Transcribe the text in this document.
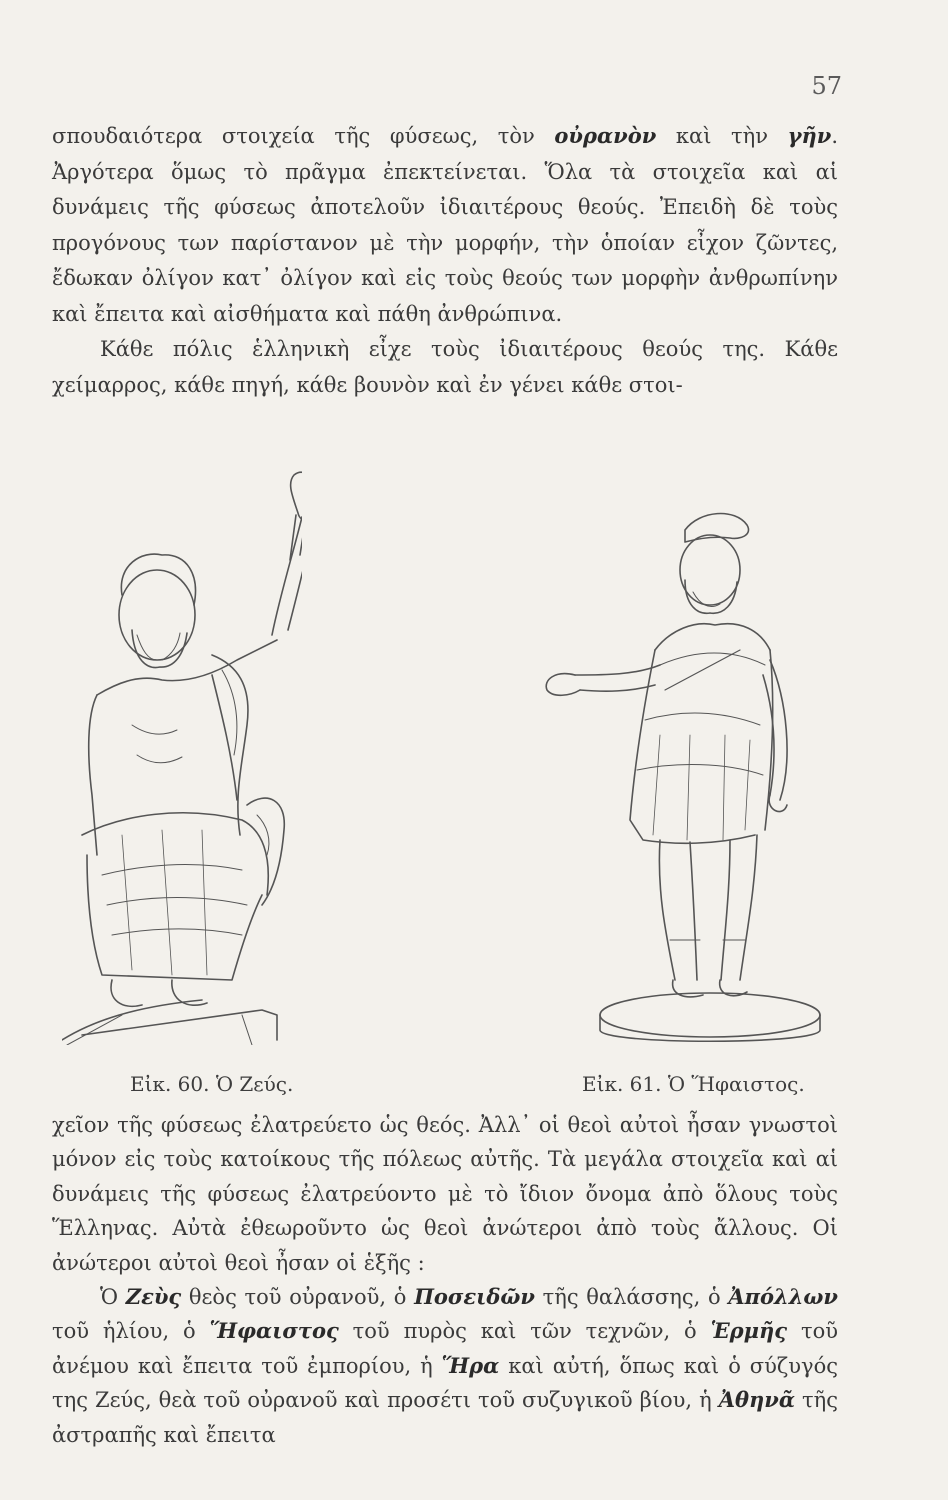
57

σπουδαιότερα στοιχεία τῆς φύσεως, τὸν οὐρανὸν καὶ τὴν γῆν. Ἀργότερα ὅμως τὸ πρᾶγμα ἐπεκτείνεται. Ὅλα τὰ στοιχεῖα καὶ αἱ δυνάμεις τῆς φύσεως ἀποτελοῦν ἰδιαιτέρους θεούς. Ἐπειδὴ δὲ τοὺς προγόνους των παρίστανον μὲ τὴν μορφήν, τὴν ὁποίαν εἶχον ζῶντες, ἔδωκαν ὀλίγον κατ᾽ ὀλίγον καὶ εἰς τοὺς θεούς των μορφὴν ἀνθρωπίνην καὶ ἔπειτα καὶ αἰσθήματα καὶ πάθη ἀνθρώπινα.

Κάθε πόλις ἑλληνικὴ εἶχε τοὺς ἰδιαιτέρους θεούς της. Κάθε χείμαρρος, κάθε πηγή, κάθε βουνὸν καὶ ἐν γένει κάθε στοι-

Εἰκ. 60. Ὁ Ζεύς.	Εἰκ. 61. Ὁ Ἥφαιστος.

χεῖον τῆς φύσεως ἐλατρεύετο ὡς θεός. Ἀλλ᾽ οἱ θεοὶ αὐτοὶ ἦσαν γνωστοὶ μόνον εἰς τοὺς κατοίκους τῆς πόλεως αὐτῆς. Τὰ μεγάλα στοιχεῖα καὶ αἱ δυνάμεις τῆς φύσεως ἐλατρεύοντο μὲ τὸ ἴδιον ὄνομα ἀπὸ ὅλους τοὺς Ἕλληνας. Αὐτὰ ἐθεωροῦντο ὡς θεοὶ ἀνώτεροι ἀπὸ τοὺς ἄλλους. Οἱ ἀνώτεροι αὐτοὶ θεοὶ ἦσαν οἱ ἑξῆς :

Ὁ Ζεὺς θεὸς τοῦ οὐρανοῦ, ὁ Ποσειδῶν τῆς θαλάσσης, ὁ Ἀπόλλων τοῦ ἡλίου, ὁ Ἥφαιστος τοῦ πυρὸς καὶ τῶν τεχνῶν, ὁ Ἑρμῆς τοῦ ἀνέμου καὶ ἔπειτα τοῦ ἐμπορίου, ἡ Ἥρα καὶ αὐτή, ὅπως καὶ ὁ σύζυγός της Ζεύς, θεὰ τοῦ οὐρανοῦ καὶ προσέτι τοῦ συζυγικοῦ βίου, ἡ Ἀθηνᾶ τῆς ἀστραπῆς καὶ ἔπειτα
